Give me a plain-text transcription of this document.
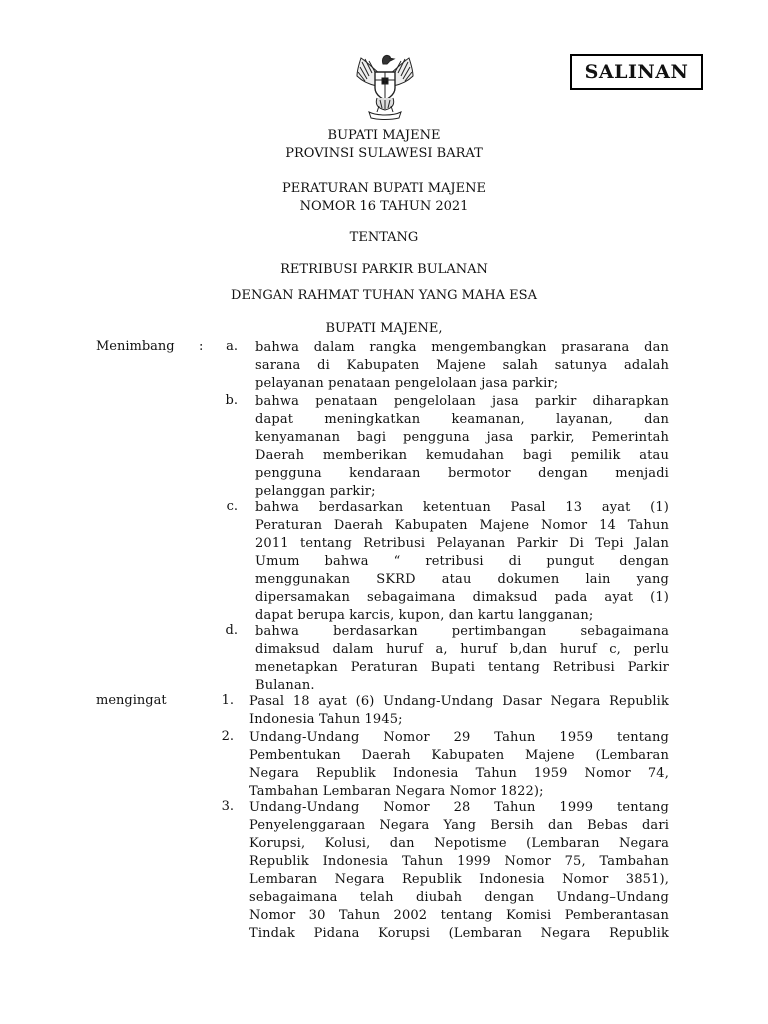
SALINAN
BUPATI MAJENE
PROVINSI SULAWESI BARAT
PERATURAN BUPATI MAJENE
NOMOR 16 TAHUN 2021
TENTANG
RETRIBUSI PARKIR BULANAN
DENGAN RAHMAT TUHAN YANG MAHA ESA
BUPATI MAJENE,
Menimbang :	a. bahwa dalam rangka mengembangkan prasarana dan
sarana di Kabupaten Majene salah satunya adalah
pelayanan penataan pengelolaan jasa parkir;
b. bahwa penataan pengelolaan jasa parkir diharapkan
dapat meningkatkan keamanan, layanan, dan
kenyamanan bagi pengguna jasa parkir, Pemerintah
Daerah memberikan kemudahan bagi pemilik atau
pengguna kendaraan bermotor dengan menjadi
pelanggan parkir;
c. bahwa berdasarkan ketentuan Pasal 13 ayat (1)
Peraturan Daerah Kabupaten Majene Nomor 14 Tahun
2011 tentang Retribusi Pelayanan Parkir Di Tepi Jalan
Umum bahwa “ retribusi di pungut dengan
menggunakan SKRD atau dokumen lain yang
dipersamakan sebagaimana dimaksud pada ayat (1)
dapat berupa karcis, kupon, dan kartu langganan;
d. bahwa berdasarkan pertimbangan sebagaimana
dimaksud dalam huruf a, huruf b,dan huruf c, perlu
menetapkan Peraturan Bupati tentang Retribusi Parkir
Bulanan.
mengingat	1. Pasal 18 ayat (6) Undang-Undang Dasar Negara Republik
Indonesia Tahun 1945;
2. Undang-Undang Nomor 29 Tahun 1959 tentang
Pembentukan Daerah Kabupaten Majene (Lembaran
Negara Republik Indonesia Tahun 1959 Nomor 74,
Tambahan Lembaran Negara Nomor 1822);
3. Undang-Undang Nomor 28 Tahun 1999 tentang
Penyelenggaraan Negara Yang Bersih dan Bebas dari
Korupsi, Kolusi, dan Nepotisme (Lembaran Negara
Republik Indonesia Tahun 1999 Nomor 75, Tambahan
Lembaran Negara Republik Indonesia Nomor 3851),
sebagaimana telah diubah dengan Undang–Undang
Nomor 30 Tahun 2002 tentang Komisi Pemberantasan
Tindak Pidana Korupsi (Lembaran Negara Republik
